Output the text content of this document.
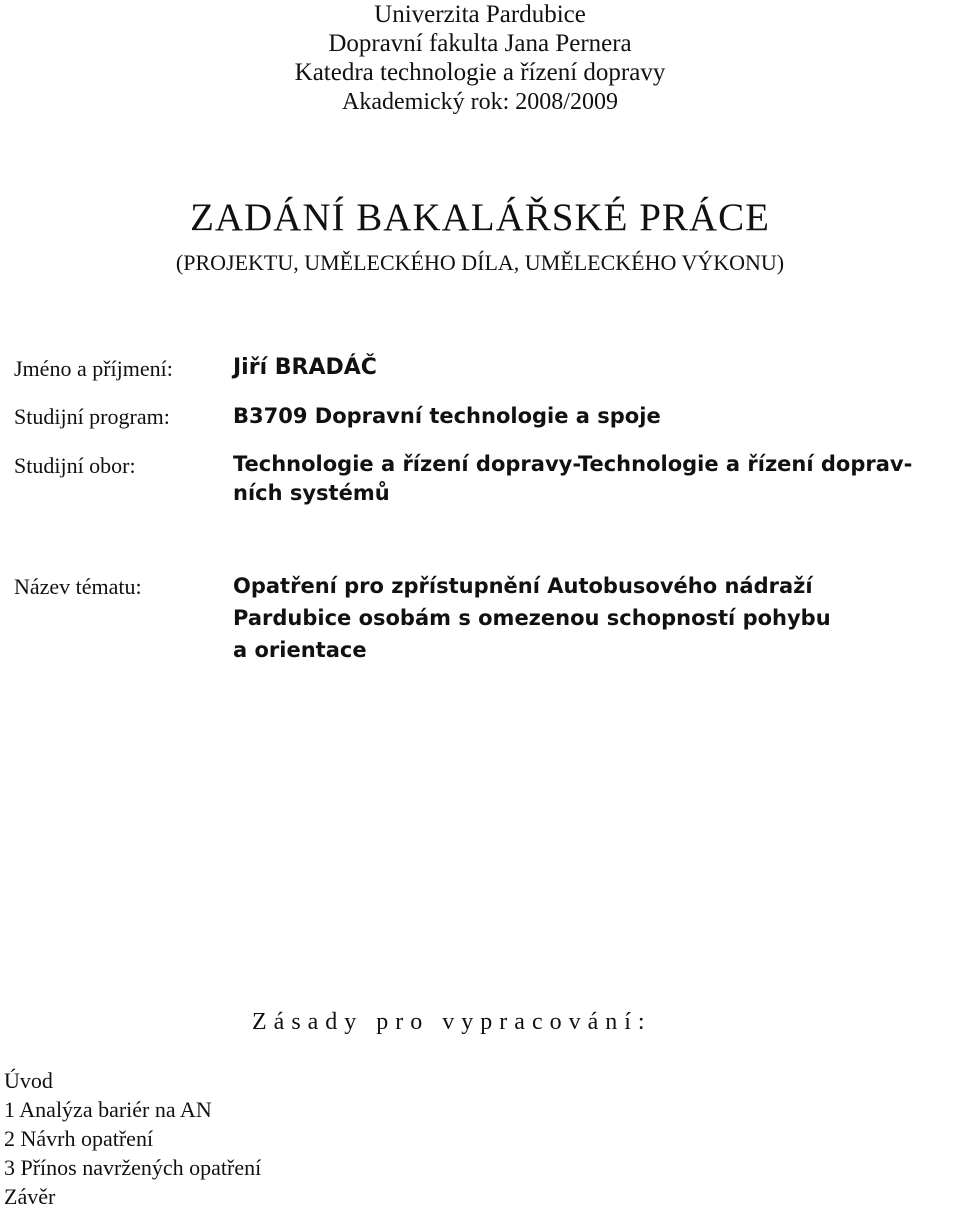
Univerzita Pardubice
Dopravní fakulta Jana Pernera
Katedra technologie a řízení dopravy
Akademický rok: 2008/2009
ZADÁNÍ BAKALÁŘSKÉ PRÁCE
(PROJEKTU, UMĚLECKÉHO DÍLA, UMĚLECKÉHO VÝKONU)
Jméno a příjmení:	Jiří BRADÁČ
Studijní program:	B3709 Dopravní technologie a spoje
Studijní obor:	Technologie a řízení dopravy-Technologie a řízení doprav-
ních systémů
Název tématu:	Opatření pro zpřístupnění Autobusového nádraží
Pardubice osobám s omezenou schopností pohybu
a orientace
Zásady pro vypracování:
Úvod
1 Analýza bariér na AN
2 Návrh opatření
3 Přínos navržených opatření
Závěr
